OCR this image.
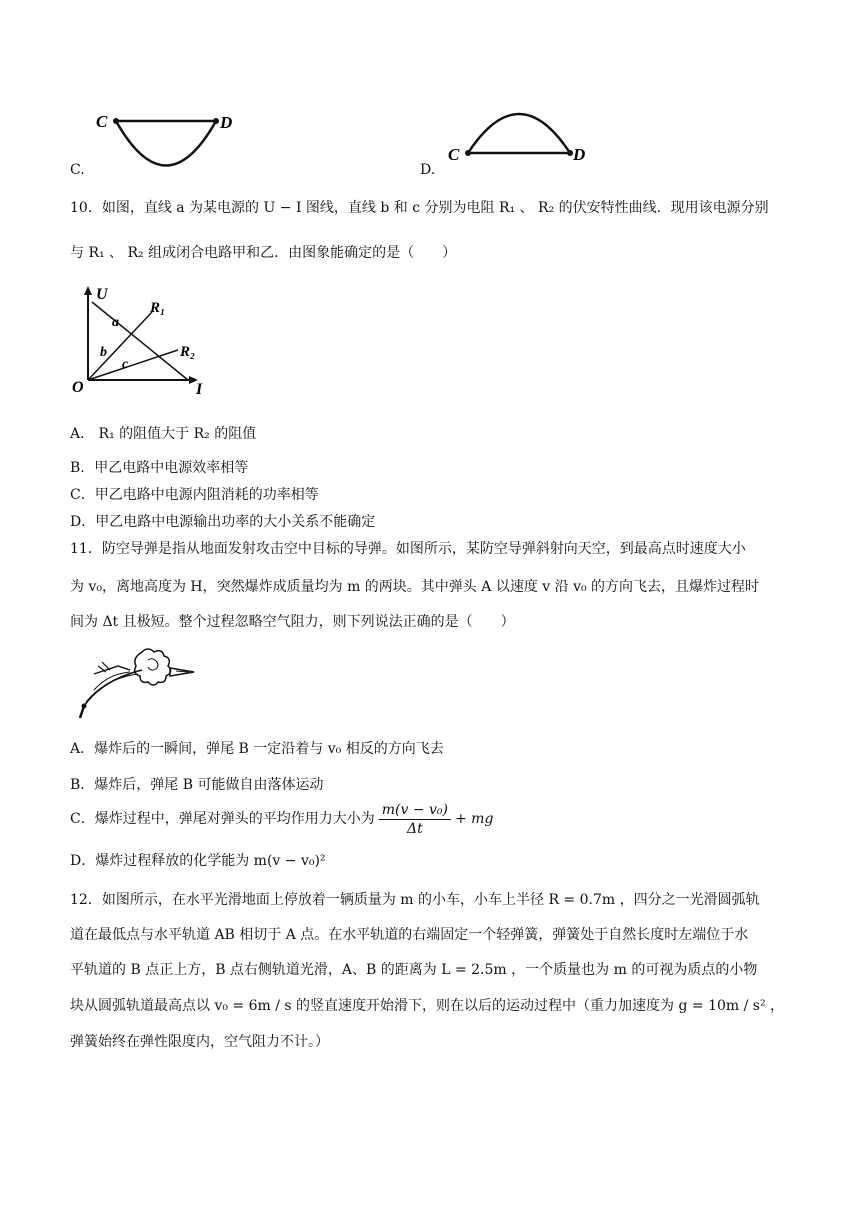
C	D
C.
C	D
D.
10．如图，直线 a 为某电源的 U − I 图线，直线 b 和 c 分别为电阻 R₁ 、 R₂ 的伏安特性曲线．现用该电源分别
与 R₁ 、 R₂ 组成闭合电路甲和乙．由图象能确定的是（　　）
U
O	I
a
b
c
R₁
R₂
A． R₁ 的阻值大于 R₂ 的阻值
B．甲乙电路中电源效率相等
C．甲乙电路中电源内阻消耗的功率相等
D．甲乙电路中电源输出功率的大小关系不能确定
11．防空导弹是指从地面发射攻击空中目标的导弹。如图所示，某防空导弹斜射向天空，到最高点时速度大小
为 v₀，离地高度为 H，突然爆炸成质量均为 m 的两块。其中弹头 A 以速度 v 沿 v₀ 的方向飞去，且爆炸过程时
间为 Δt 且极短。整个过程忽略空气阻力，则下列说法正确的是（　　）
A．爆炸后的一瞬间，弹尾 B 一定沿着与 v₀ 相反的方向飞去
B．爆炸后，弹尾 B 可能做自由落体运动
C．爆炸过程中，弹尾对弹头的平均作用力大小为 $\frac{\text{m(v − v₀)}}{\Delta t}$ + mg
D．爆炸过程释放的化学能为 m(v − v₀)²
12．如图所示，在水平光滑地面上停放着一辆质量为 m 的小车，小车上半径 R = 0.7m ，四分之一光滑圆弧轨
道在最低点与水平轨道 AB 相切于 A 点。在水平轨道的右端固定一个轻弹簧，弹簧处于自然长度时左端位于水
平轨道的 B 点正上方，B 点右侧轨道光滑，A、B 的距离为 L = 2.5m ，一个质量也为 m 的可视为质点的小物
块从圆弧轨道最高点以 v₀ = 6m / s 的竖直速度开始滑下，则在以后的运动过程中（重力加速度为 g = 10m / s² ，
弹簧始终在弹性限度内，空气阻力不计。）
